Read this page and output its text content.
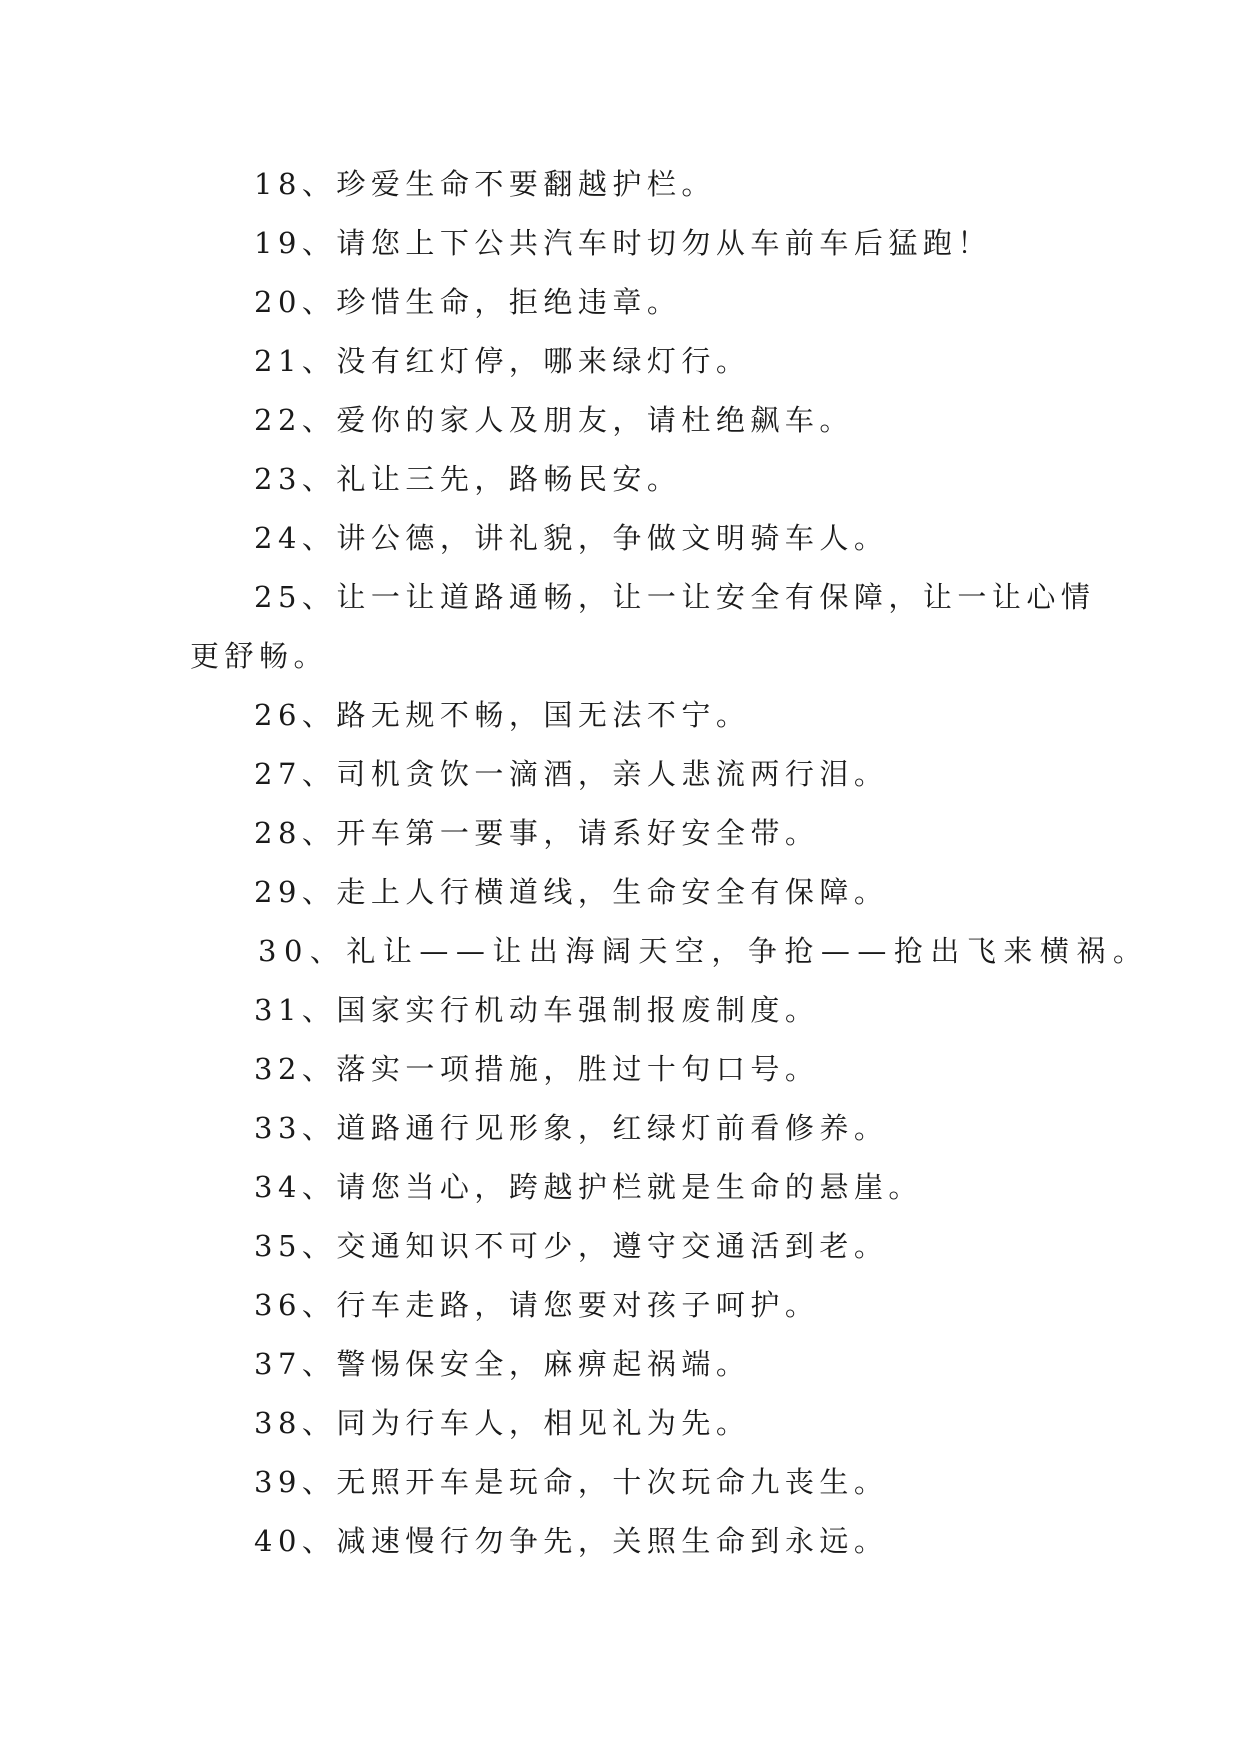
18、珍爱生命不要翻越护栏。
19、请您上下公共汽车时切勿从车前车后猛跑！
20、珍惜生命，拒绝违章。
21、没有红灯停，哪来绿灯行。
22、爱你的家人及朋友，请杜绝飙车。
23、礼让三先，路畅民安。
24、讲公德，讲礼貌，争做文明骑车人。
25、让一让道路通畅，让一让安全有保障，让一让心情
更舒畅。
26、路无规不畅，国无法不宁。
27、司机贪饮一滴酒，亲人悲流两行泪。
28、开车第一要事，请系好安全带。
29、走上人行横道线，生命安全有保障。
30、礼让——让出海阔天空，争抢——抢出飞来横祸。
31、国家实行机动车强制报废制度。
32、落实一项措施，胜过十句口号。
33、道路通行见形象，红绿灯前看修养。
34、请您当心，跨越护栏就是生命的悬崖。
35、交通知识不可少，遵守交通活到老。
36、行车走路，请您要对孩子呵护。
37、警惕保安全，麻痹起祸端。
38、同为行车人，相见礼为先。
39、无照开车是玩命，十次玩命九丧生。
40、减速慢行勿争先，关照生命到永远。
